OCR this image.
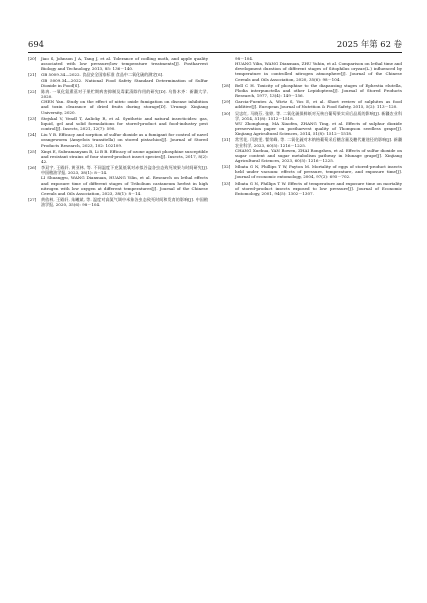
694	2025 年第 62 卷
[20] Jiao S, Johnson J A, Tang J, et al. Tolerance of codling moth, and apple quality associated with low pressure/low temperature treatments[J]. Postharvest Biology and Technology, 2013, 85: 136－140.
[21] GB 5009.34—2022. 食品安全国家标准 食品中二氧化硫的测定[S].
GB 5009.34—2022. National Food Safety Standard Determination of Sulfur Dioxide in Food[S].
[22] 陈冉. 一氧化氮熏蒸对于果贮期病害抑制及毒素清除作用的研究[D]. 乌鲁木齐：新疆大学, 2020.
CHEN Yan. Study on the effect of nitric oxide fumigation on disease inhibition and toxin clearance of dried fruits during storage[D]. Urumqi: Xinjiang University, 2020.
[23] Stejskal V, Vendl T, Aulicky R, et al. Synthetic and natural insecticides: gas, liquid, gel and solid formulations for stored-product and food-industry pest control[J]. Insects, 2021, 12(7): 590.
[24] Liu Y B. Efficacy and sorption of sulfur dioxide as a fumigant for control of navel orangeworm (Amyelois transitella) on stored pistachios[J]. Journal of Stored Products Research, 2023, 102: 102109.
[25] Xinyi E, Subramanyam B, Li B B. Efficacy of ozone against phosphine susceptible and resistant strains of four stored-product insect species[J]. Insects, 2017, 8(2): 42.
[26] 李双宇, 王殿轩, 黄亚林, 等. 不同温度下充氮低氧对赤拟谷盗各虫态致死效果与时间研究[J]. 中国粮油学报, 2023, 38(1): 8－14.
LI Shuangyu, WANG Dianxuan, HUANG Yilin, et al. Research on lethal effects and exposure time of different stages of Tribolium castaneum herbst in high nitrogen with low oxygen at different temperatures[J]. Journal of the Chinese Cereals and Oils Association, 2023, 38(1): 8－14.
[27] 黄依林, 王殿轩, 朱曦斌, 等. 温度对高氮气调中米象各虫态致死时间和发育的影响[J]. 中国粮油学报, 2020, 35(6): 98－104.
98－104.
HUANG Yilin, WANG Dianxuan, ZHU Yuhin, et al. Comparison on lethal time and development duration of different stages of Sitophilus oryzae(L.) influenced by temperature in controlled nitrogen atmosphere[J]. Journal of the Chinese Cereals and Oils Association, 2020, 35(6): 98－104.
[28] Bell C H. Toxicity of phosphine to the diapausing stages of Ephestia elutella, Plodia interpunctella and other Lepidoptera[J]. Journal of Stored Products Research, 1977, 13(4): 149－156.
[29] Garcia-Fuentes A, Wirtz S, Vos E, et al. Short review of sulphites as food additive[J]. European Journal of Nutrition & Food Safety, 2015, 5(2): 113－120.
[30] 吴忠红, 马晓芬, 张婷, 等. 二氧化硫保鲜纸对无核白葡萄果实采后品质的影响[J]. 新疆农业科学, 2014, 51(8): 1512－1518.
WU Zhonghong, MA Xiaofen, ZHANG Ting, et al. Effects of sulphur dioxide preservation paper on postharvest quality of Thompson seedless grape[J]. Xinjiang Agricultural Sciences, 2014, 51(8): 1512－1518.
[31] 常雪花, 闫波雯, 翟荣峰, 等. 二氧化硫对木纳格葡萄采后糖含量及糖代谢途径的影响[J]. 新疆农业科学, 2023, 60(5): 1216－1225.
CHANG Xuehua, YAN Bowen, ZHAI Rongzhen, et al. Effects of sulfur dioxide on sugar content and sugar metabolism pathway in Munage grape[J]. Xinjiang Agricultural Sciences, 2023, 60(5): 1216－1225.
[32] Mbata G N, Phillips T W, Payton M. Mortality of eggs of stored-product insects held under vacuum: effects of pressure, temperature, and exposure time[J]. Journal of economic entomology, 2004, 97(2): 695－702.
[33] Mbata G N, Phillips T W. Effects of temperature and exposure time on mortality of stored-product insects exposed to low pressure[J]. Journal of Economic Entomology, 2001, 94(5): 1302－1307.
